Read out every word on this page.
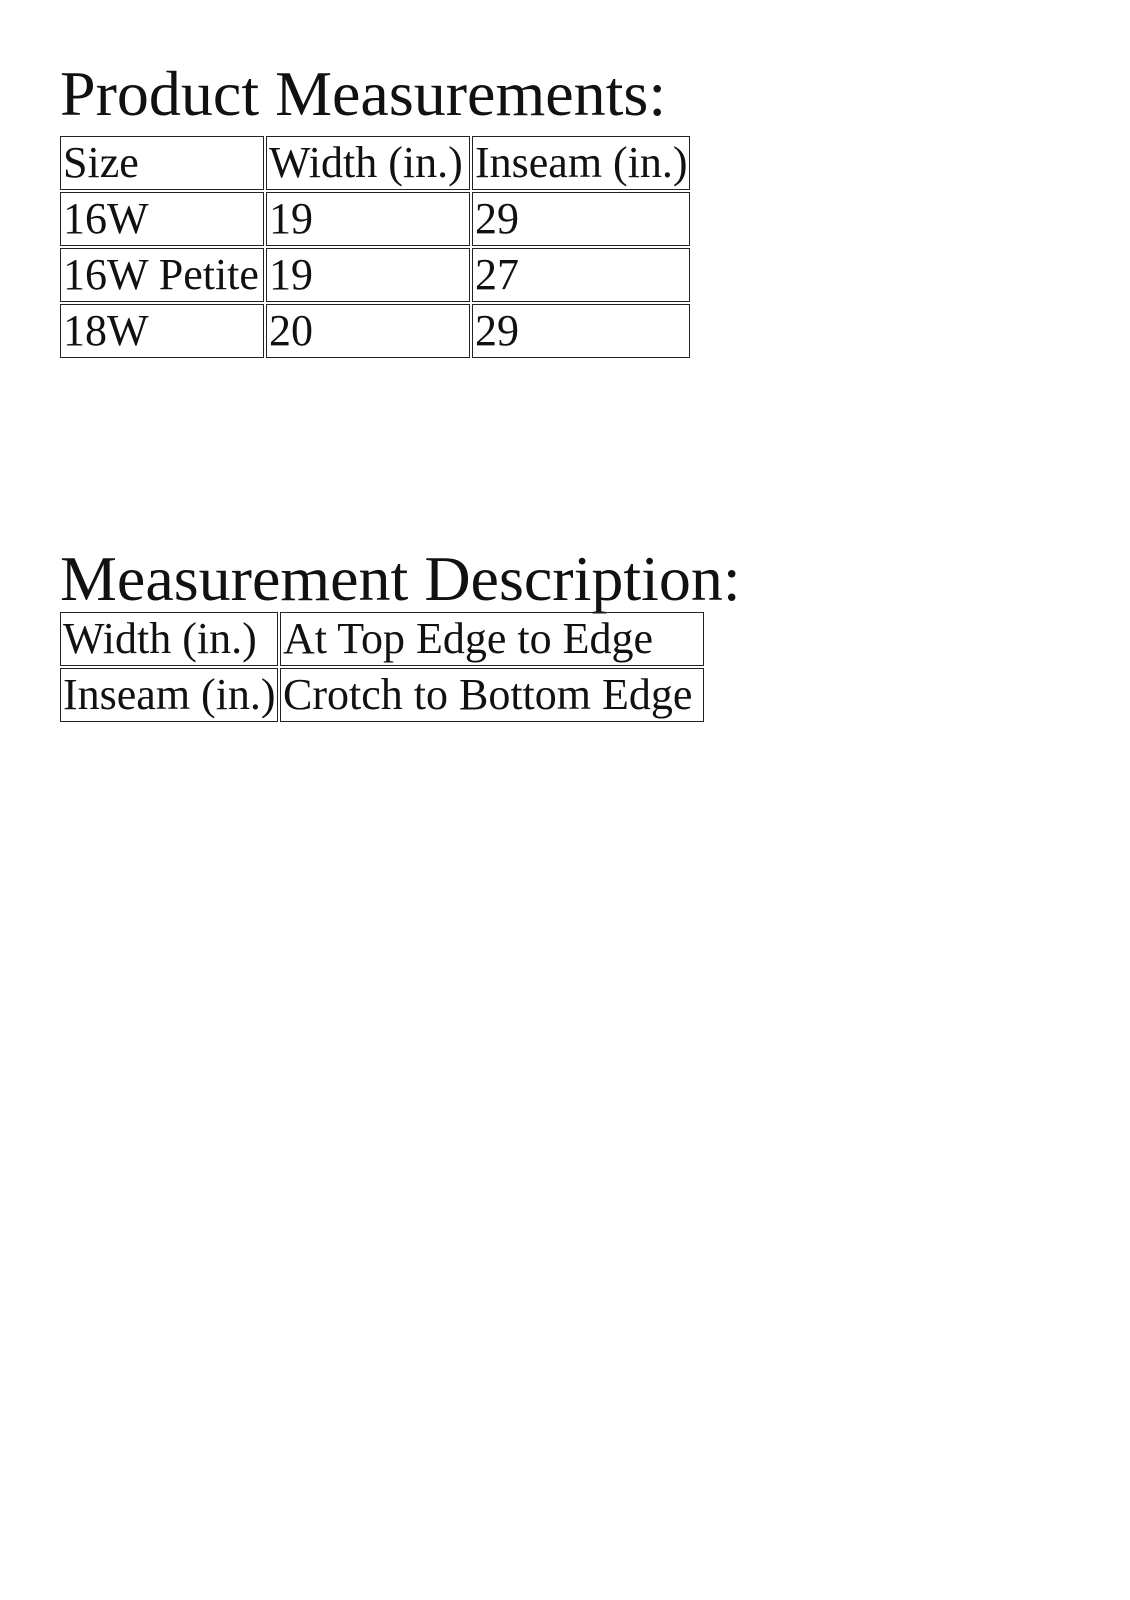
Product Measurements:
Size	Width (in.)	Inseam (in.)
16W	19	29
16W Petite	19	27
18W	20	29
Measurement Description:
Width (in.)	At Top Edge to Edge
Inseam (in.)	Crotch to Bottom Edge
